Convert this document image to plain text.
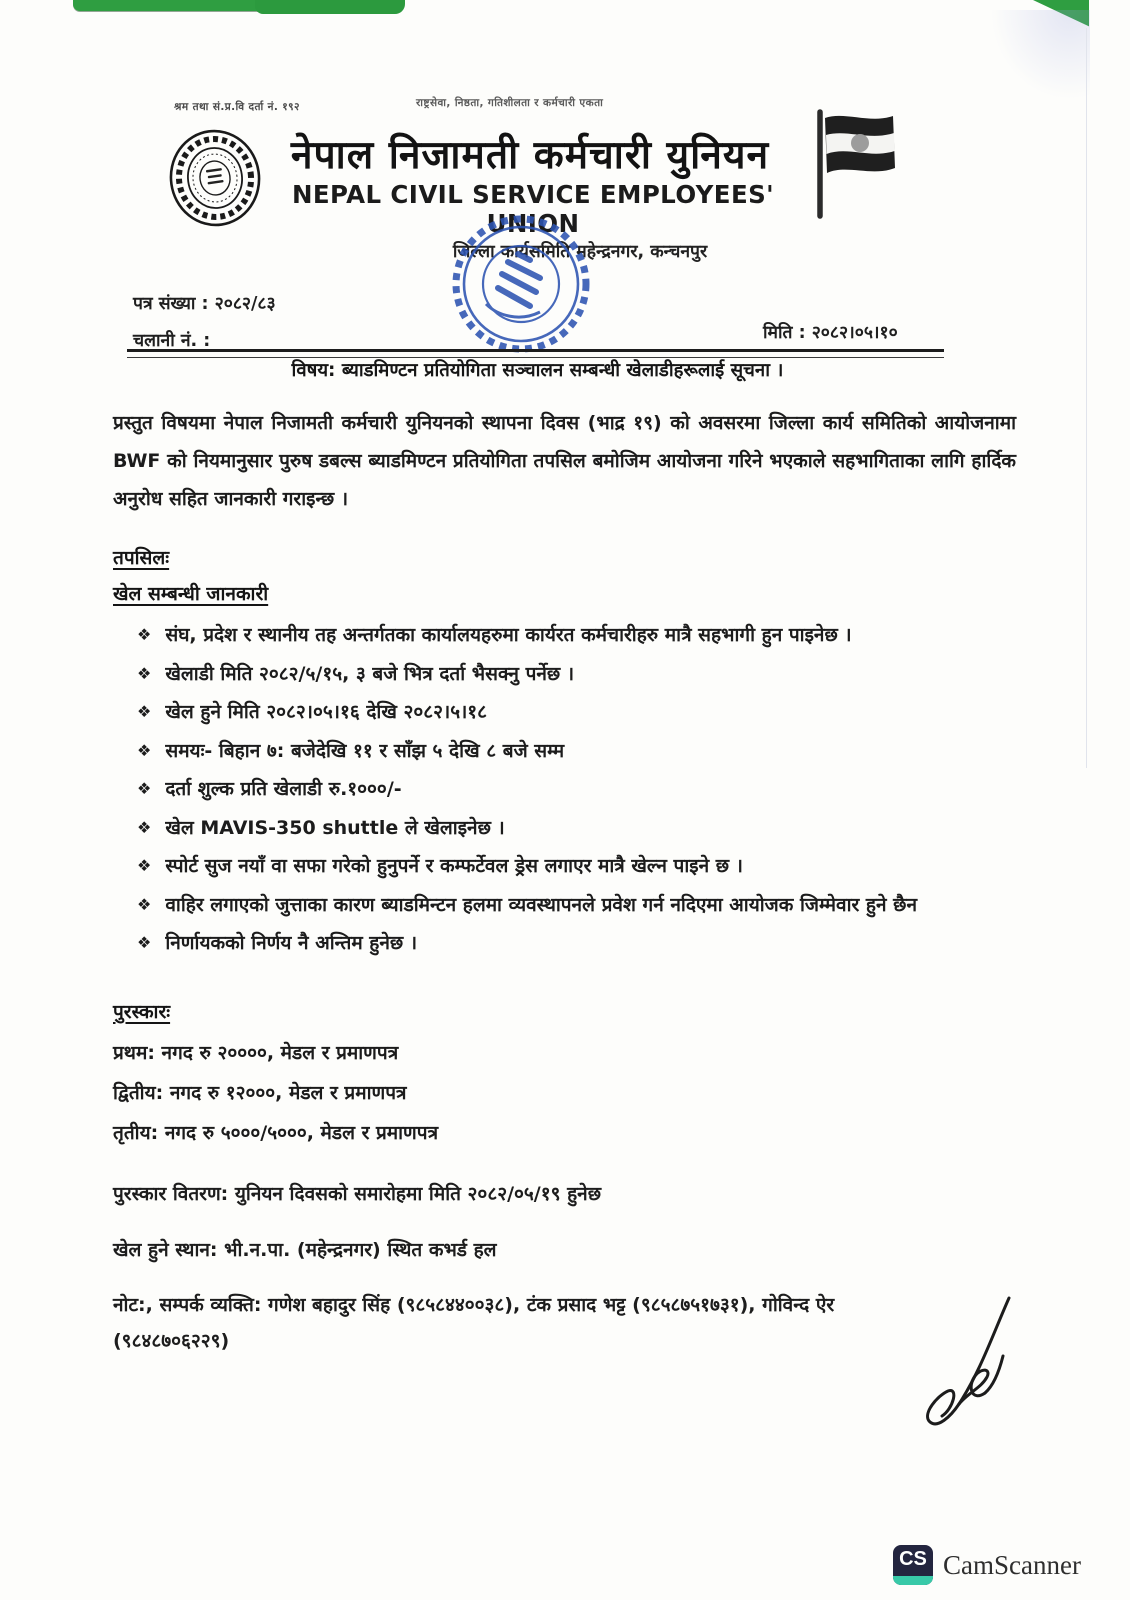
श्रम तथा सं.प्र.वि दर्ता नं. १९२	राष्ट्रसेवा, निष्ठता, गतिशीलता र कर्मचारी एकता
नेपाल निजामती कर्मचारी युनियन
NEPAL CIVIL SERVICE EMPLOYEES' UNION
जिल्ला कार्यसमिति महेन्द्रनगर, कन्चनपुर
पत्र संख्या : २०८२/८३
चलानी नं. :	मिति : २०८२।०५।१०
विषय: ब्याडमिण्टन प्रतियोगिता सञ्चालन सम्बन्धी खेलाडीहरूलाई सूचना ।

प्रस्तुत विषयमा नेपाल निजामती कर्मचारी युनियनको स्थापना दिवस (भाद्र १९) को अवसरमा जिल्ला कार्य समितिको आयोजनामा BWF को नियमानुसार पुरुष डबल्स ब्याडमिण्टन प्रतियोगिता तपसिल बमोजिम आयोजना गरिने भएकाले सहभागिताका लागि हार्दिक अनुरोध सहित जानकारी गराइन्छ ।

तपसिलः
खेल सम्बन्धी जानकारी
❖ संघ, प्रदेश र स्थानीय तह अन्तर्गतका कार्यालयहरुमा कार्यरत कर्मचारीहरु मात्रै सहभागी हुन पाइनेछ ।
❖ खेलाडी मिति २०८२/५/१५, ३ बजे भित्र दर्ता भैसक्नु पर्नेछ ।
❖ खेल हुने मिति २०८२।०५।१६ देखि २०८२।५।१८
❖ समयः- बिहान ७: बजेदेखि ११ र साँझ ५ देखि ८ बजे सम्म
❖ दर्ता शुल्क प्रति खेलाडी रु.१०००/-
❖ खेल MAVIS-350 shuttle ले खेलाइनेछ ।
❖ स्पोर्ट सुज नयाँ वा सफा गरेको हुनुपर्ने र कम्फर्टेवल ड्रेस लगाएर मात्रै खेल्न पाइने छ ।
❖ वाहिर लगाएको जुत्ताका कारण ब्याडमिन्टन हलमा व्यवस्थापनले प्रवेश गर्न नदिएमा आयोजक जिम्मेवार हुने छैन
❖ निर्णायकको निर्णय नै अन्तिम हुनेछ ।
पुरस्कारः
प्रथम: नगद रु २००००, मेडल र प्रमाणपत्र
द्वितीय: नगद रु १२०००, मेडल र प्रमाणपत्र
तृतीय: नगद रु ५०००/५०००, मेडल र प्रमाणपत्र
पुरस्कार वितरण: युनियन दिवसको समारोहमा मिति २०८२/०५/१९ हुनेछ
खेल हुने स्थान: भी.न.पा. (महेन्द्रनगर) स्थित कभर्ड हल
नोट:, सम्पर्क व्यक्ति: गणेश बहादुर सिंह (९८५८४४००३८), टंक प्रसाद भट्ट (९८५८७५१७३१), गोविन्द ऐर
(९८४८७०६२२९)
CS CamScanner
